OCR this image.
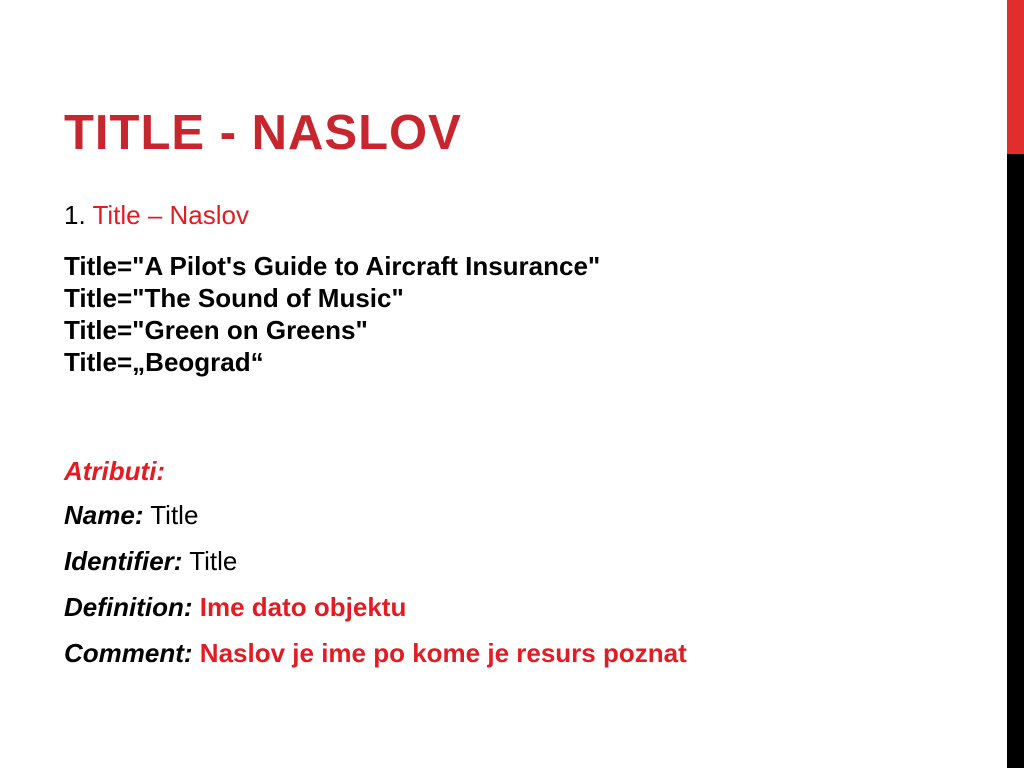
TITLE - NASLOV

1. Title – Naslov

Title="A Pilot's Guide to Aircraft Insurance"
Title="The Sound of Music"
Title="Green on Greens"
Title=„Beograd“

Atributi:

Name: Title
Identifier: Title
Definition: Ime dato objektu
Comment: Naslov je ime po kome je resurs poznat
